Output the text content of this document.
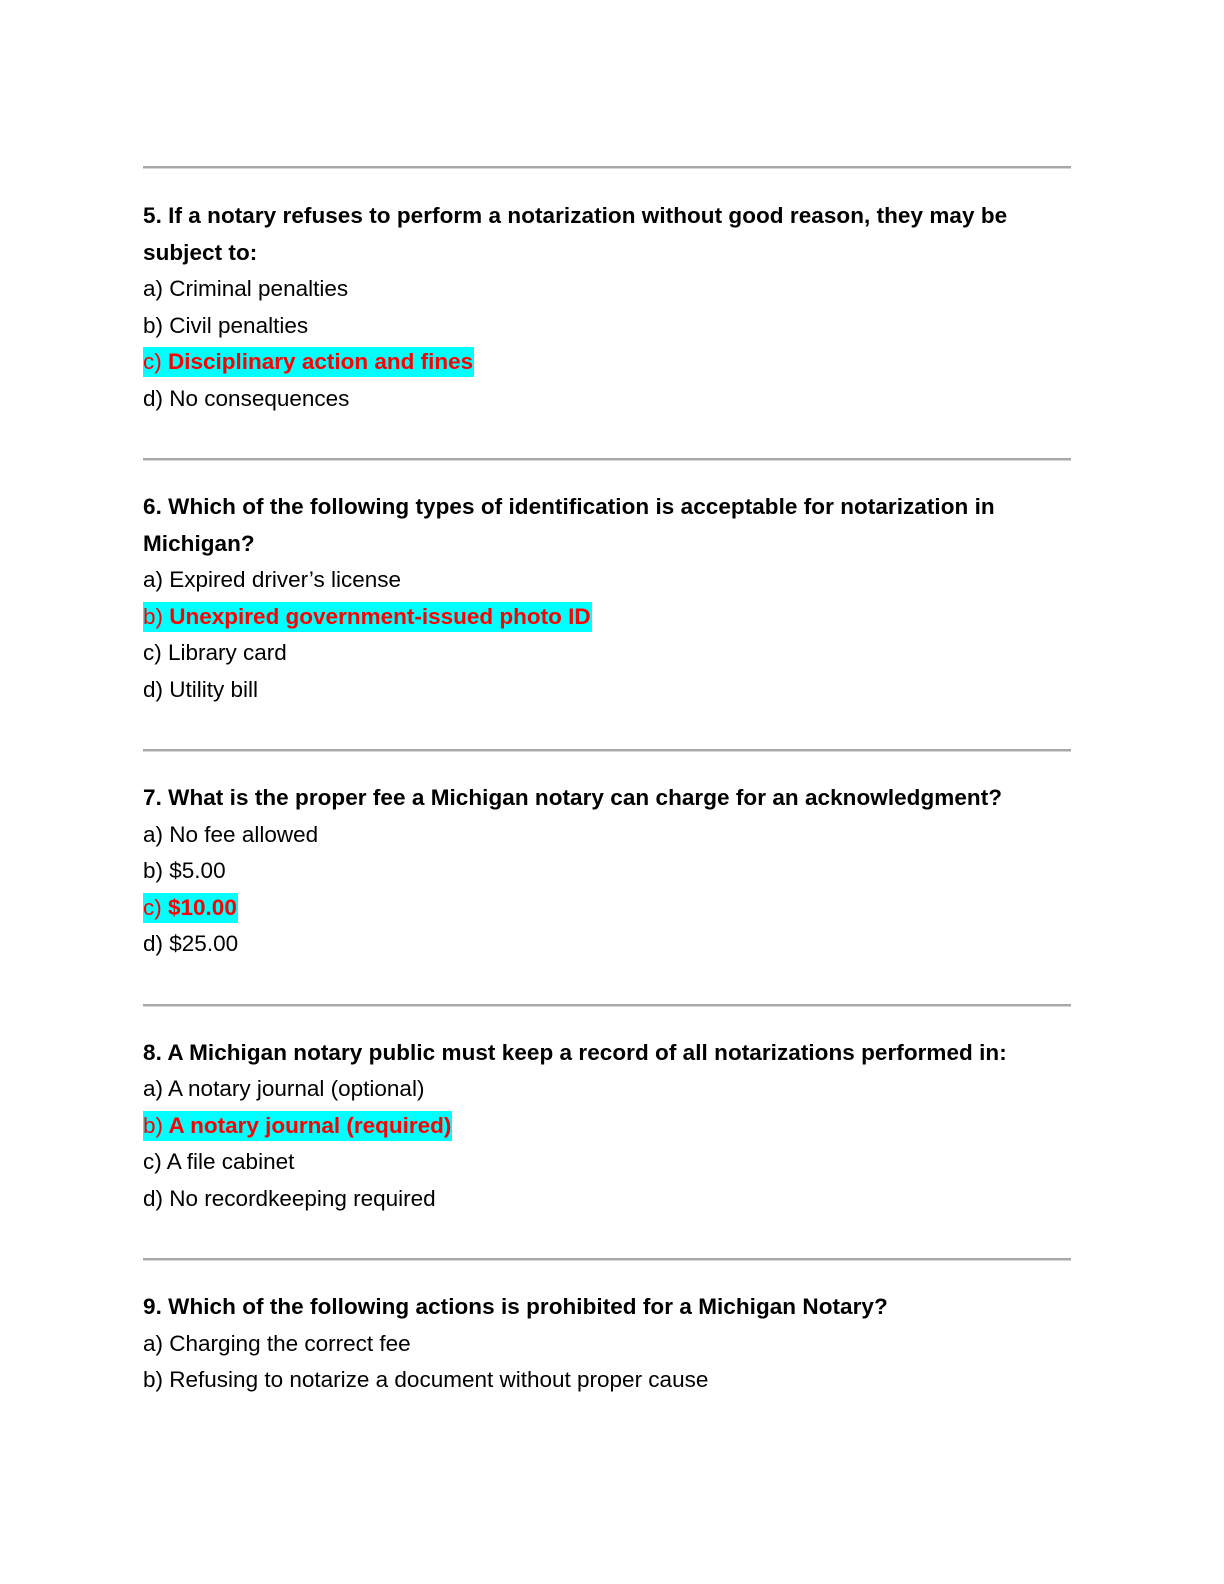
5. If a notary refuses to perform a notarization without good reason, they may be subject to:

a) Criminal penalties
b) Civil penalties
c) Disciplinary action and fines
d) No consequences

6. Which of the following types of identification is acceptable for notarization in Michigan?

a) Expired driver’s license
b) Unexpired government-issued photo ID
c) Library card
d) Utility bill

7. What is the proper fee a Michigan notary can charge for an acknowledgment?

a) No fee allowed
b) $5.00
c) $10.00
d) $25.00

8. A Michigan notary public must keep a record of all notarizations performed in:

a) A notary journal (optional)
b) A notary journal (required)
c) A file cabinet
d) No recordkeeping required

9. Which of the following actions is prohibited for a Michigan Notary?

a) Charging the correct fee
b) Refusing to notarize a document without proper cause
